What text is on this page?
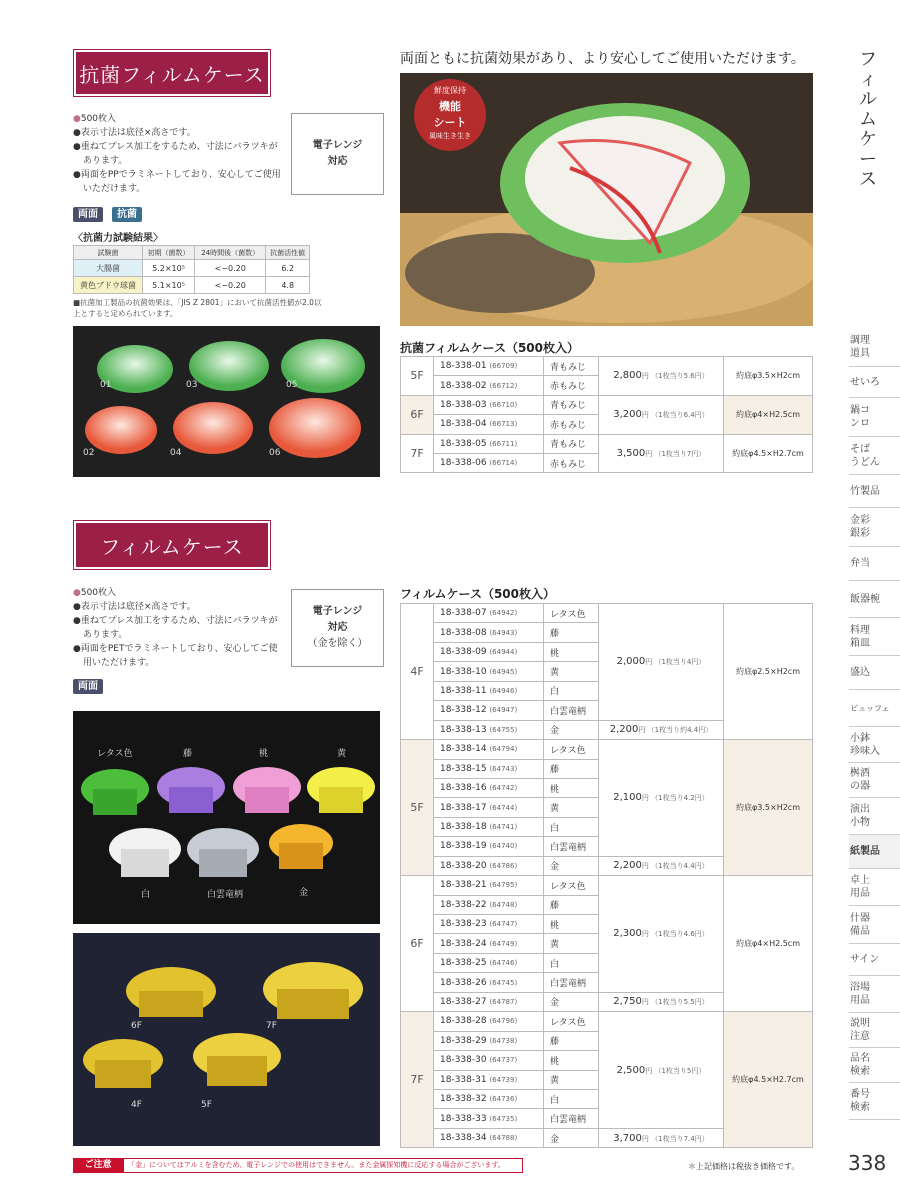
フ
ィ
ル
ム
ケ
ー
ス
抗菌フィルムケース
●500枚入
●表示寸法は底径×高さです。
●重ねてプレス加工をするため、寸法にバラツキがあります。
●両面をPPでラミネートしており、安心してご使用いただけます。
電子レンジ
対応
両面	抗菌
〈抗菌力試験結果〉
試験菌	初期（菌数）	24時間後（菌数）	抗菌活性値
大腸菌	5.2×10⁵	<−0.20	6.2
黄色ブドウ球菌	5.1×10⁵	<−0.20	4.8
■抗菌加工製品の抗菌効果は、「JIS Z 2801」において抗菌活性値が2.0以上とすると定められています。
01	03	05
02	04	06
両面ともに抗菌効果があり、より安心してご使用いただけます。
鮮度保持
機能
シート
風味生き生き
抗菌フィルムケース（500枚入）
5F	18-338-01 (66709)	青もみじ	2,800円 （1枚当り5.6円）	約底φ3.5×H2cm
	18-338-02 (66712)	赤もみじ		
6F	18-338-03 (66710)	青もみじ	3,200円 （1枚当り6.4円）	約底φ4×H2.5cm
	18-338-04 (66713)	赤もみじ		
7F	18-338-05 (66711)	青もみじ	3,500円 （1枚当り7円）	約底φ4.5×H2.7cm
	18-338-06 (66714)	赤もみじ		
フィルムケース
●500枚入
●表示寸法は底径×高さです。
●重ねてプレス加工をするため、寸法にバラツキがあります。
●両面をPETでラミネートしており、安心してご使用いただけます。
電子レンジ
対応
（金を除く）
両面
レタス色	藤	桃	黄
白	白雲竜柄	金
6F	7F
4F	5F
フィルムケース（500枚入）
4F	18-338-07 (64942)	レタス色	2,000円 （1枚当り4円）	約底φ2.5×H2cm
	18-338-08 (64943)	藤		
	18-338-09 (64944)	桃		
	18-338-10 (64945)	黄		
	18-338-11 (64946)	白		
	18-338-12 (64947)	白雲竜柄		
	18-338-13 (64755)	金	2,200円 （1枚当り約4.4円）	
5F	18-338-14 (64794)	レタス色	2,100円 （1枚当り4.2円）	約底φ3.5×H2cm
	18-338-15 (64743)	藤		
	18-338-16 (64742)	桃		
	18-338-17 (64744)	黄		
	18-338-18 (64741)	白		
	18-338-19 (64740)	白雲竜柄		
	18-338-20 (64786)	金	2,200円 （1枚当り4.4円）	
6F	18-338-21 (64795)	レタス色	2,300円 （1枚当り4.6円）	約底φ4×H2.5cm
	18-338-22 (64748)	藤		
	18-338-23 (64747)	桃		
	18-338-24 (64749)	黄		
	18-338-25 (64746)	白		
	18-338-26 (64745)	白雲竜柄		
	18-338-27 (64787)	金	2,750円 （1枚当り5.5円）	
7F	18-338-28 (64796)	レタス色	2,500円 （1枚当り5円）	約底φ4.5×H2.7cm
	18-338-29 (64738)	藤		
	18-338-30 (64737)	桃		
	18-338-31 (64739)	黄		
	18-338-32 (64736)	白		
	18-338-33 (64735)	白雲竜柄		
	18-338-34 (64788)	金	3,700円 （1枚当り7.4円）	
調理
道具
せいろ
鍋コ
ンロ
そば
うどん
竹製品
金彩
銀彩
弁当
飯器椀
料理
箱皿
盛込
ビュッフェ
小鉢
珍味入
桝酒
の器
演出
小物
紙製品
卓上
用品
什器
備品
サイン
浴場
用品
説明
注意
品名
検索
番号
検索
ご注意	「金」についてはアルミを含むため、電子レンジでの使用はできません。また金属探知機に反応する場合がございます。	＊上記価格は税抜き価格です。 338
